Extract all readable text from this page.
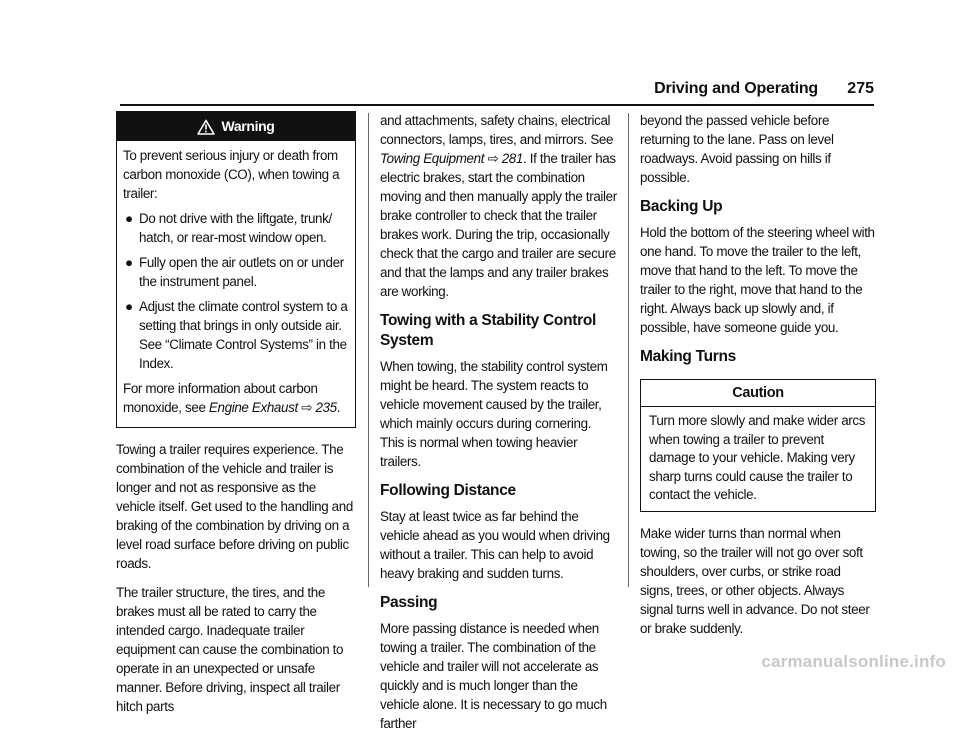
Driving and Operating 275
Warning

To prevent serious injury or death from carbon monoxide (CO), when towing a trailer:

● Do not drive with the liftgate, trunk/ hatch, or rear-most window open.
● Fully open the air outlets on or under the instrument panel.
● Adjust the climate control system to a setting that brings in only outside air. See “Climate Control Systems” in the Index.

For more information about carbon monoxide, see Engine Exhaust ⇨ 235.

Towing a trailer requires experience. The combination of the vehicle and trailer is longer and not as responsive as the vehicle itself. Get used to the handling and braking of the combination by driving on a level road surface before driving on public roads.

The trailer structure, the tires, and the brakes must all be rated to carry the intended cargo. Inadequate trailer equipment can cause the combination to operate in an unexpected or unsafe manner. Before driving, inspect all trailer hitch parts

and attachments, safety chains, electrical connectors, lamps, tires, and mirrors. See Towing Equipment ⇨ 281. If the trailer has electric brakes, start the combination moving and then manually apply the trailer brake controller to check that the trailer brakes work. During the trip, occasionally check that the cargo and trailer are secure and that the lamps and any trailer brakes are working.

Towing with a Stability Control System

When towing, the stability control system might be heard. The system reacts to vehicle movement caused by the trailer, which mainly occurs during cornering. This is normal when towing heavier trailers.

Following Distance

Stay at least twice as far behind the vehicle ahead as you would when driving without a trailer. This can help to avoid heavy braking and sudden turns.

Passing

More passing distance is needed when towing a trailer. The combination of the vehicle and trailer will not accelerate as quickly and is much longer than the vehicle alone. It is necessary to go much farther

beyond the passed vehicle before returning to the lane. Pass on level roadways. Avoid passing on hills if possible.

Backing Up

Hold the bottom of the steering wheel with one hand. To move the trailer to the left, move that hand to the left. To move the trailer to the right, move that hand to the right. Always back up slowly and, if possible, have someone guide you.

Making Turns
Caution
Turn more slowly and make wider arcs when towing a trailer to prevent damage to your vehicle. Making very sharp turns could cause the trailer to contact the vehicle.

Make wider turns than normal when towing, so the trailer will not go over soft shoulders, over curbs, or strike road signs, trees, or other objects. Always signal turns well in advance. Do not steer or brake suddenly.

carmanualsonline.info
